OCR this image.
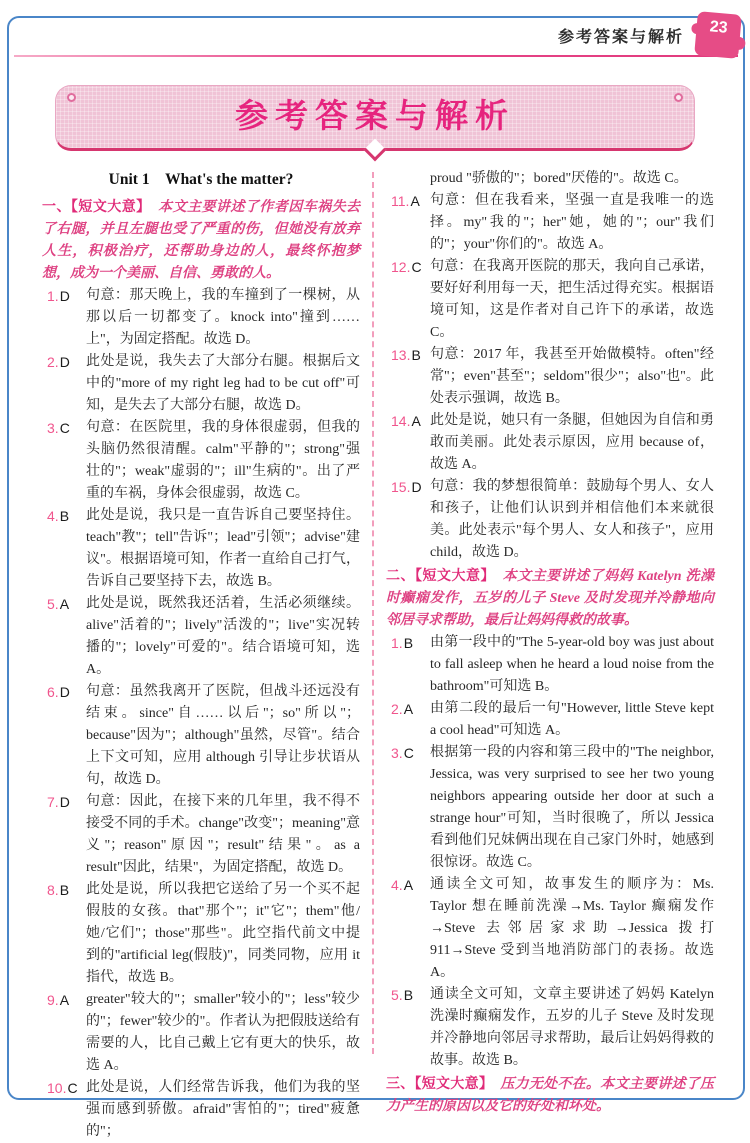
参考答案与解析
23
参考答案与解析
Unit 1　What's the matter?

一、【短文大意】　 本文主要讲述了作者因车祸失去了右腿，并且左腿也受了严重的伤，但她没有放弃人生，积极治疗，还帮助身边的人，最终怀抱梦想，成为一个美丽、自信、勇敢的人。

1.D 句意：那天晚上，我的车撞到了一棵树，从那以后一切都变了。knock into"撞到……上"，为固定搭配。故选 D。
2.D 此处是说，我失去了大部分右腿。根据后文中的"more of my right leg had to be cut off"可知，是失去了大部分右腿，故选 D。
3.C 句意：在医院里，我的身体很虚弱，但我的头脑仍然很清醒。calm"平静的"；strong"强壮的"；weak"虚弱的"；ill"生病的"。出了严重的车祸，身体会很虚弱，故选 C。
4.B 此处是说，我只是一直告诉自己要坚持住。teach"教"；tell"告诉"；lead"引领"；advise"建议"。根据语境可知，作者一直给自己打气，告诉自己要坚持下去，故选 B。
5.A 此处是说，既然我还活着，生活必须继续。alive"活着的"；lively"活泼的"；live"实况转播的"；lovely"可爱的"。结合语境可知，选 A。
6.D 句意：虽然我离开了医院，但战斗还远没有结束。since"自……以后"；so"所以"；because"因为"；although"虽然，尽管"。结合上下文可知，应用 although 引导让步状语从句，故选 D。
7.D 句意：因此，在接下来的几年里，我不得不接受不同的手术。change"改变"；meaning"意义"；reason"原因"；result"结果"。as a result"因此，结果"，为固定搭配，故选 D。
8.B 此处是说，所以我把它送给了另一个买不起假肢的女孩。that"那个"；it"它"；them"他/她/它们"；those"那些"。此空指代前文中提到的"artificial leg(假肢)"，同类同物，应用 it 指代，故选 B。
9.A greater"较大的"；smaller"较小的"；less"较少的"；fewer"较少的"。作者认为把假肢送给有需要的人，比自己戴上它有更大的快乐，故选 A。
10.C 此处是说，人们经常告诉我，他们为我的坚强而感到骄傲。afraid"害怕的"；tired"疲惫的"；
proud "骄傲的"；bored"厌倦的"。故选 C。
11.A 句意：但在我看来，坚强一直是我唯一的选择。my"我的"；her"她，她的"；our"我们的"；your"你们的"。故选 A。
12.C 句意：在我离开医院的那天，我向自己承诺，要好好利用每一天，把生活过得充实。根据语境可知，这是作者对自己许下的承诺，故选 C。
13.B 句意：2017 年，我甚至开始做模特。often"经常"；even"甚至"；seldom"很少"；also"也"。此处表示强调，故选 B。
14.A 此处是说，她只有一条腿，但她因为自信和勇敢而美丽。此处表示原因，应用 because of，故选 A。
15.D 句意：我的梦想很简单：鼓励每个男人、女人和孩子，让他们认识到并相信他们本来就很美。此处表示"每个男人、女人和孩子"，应用 child，故选 D。

二、【短文大意】　 本文主要讲述了妈妈 Katelyn 洗澡时癫痫发作，五岁的儿子 Steve 及时发现并冷静地向邻居寻求帮助，最后让妈妈得救的故事。

1.B 由第一段中的"The 5-year-old boy was just about to fall asleep when he heard a loud noise from the bathroom"可知选 B。
2.A 由第二段的最后一句"However, little Steve kept a cool head"可知选 A。
3.C 根据第一段的内容和第三段中的"The neighbor, Jessica, was very surprised to see her two young neighbors appearing outside her door at such a strange hour"可知，当时很晚了，所以 Jessica 看到他们兄妹俩出现在自己家门外时，她感到很惊讶。故选 C。
4.A 通读全文可知，故事发生的顺序为：Ms. Taylor 想在睡前洗澡→Ms. Taylor 癫痫发作→Steve 去邻居家求助→Jessica 拨打 911→Steve 受到当地消防部门的表扬。故选 A。
5.B 通读全文可知，文章主要讲述了妈妈 Katelyn 洗澡时癫痫发作，五岁的儿子 Steve 及时发现并冷静地向邻居寻求帮助，最后让妈妈得救的故事。故选 B。

三、【短文大意】　 压力无处不在。本文主要讲述了压力产生的原因以及它的好处和坏处。
